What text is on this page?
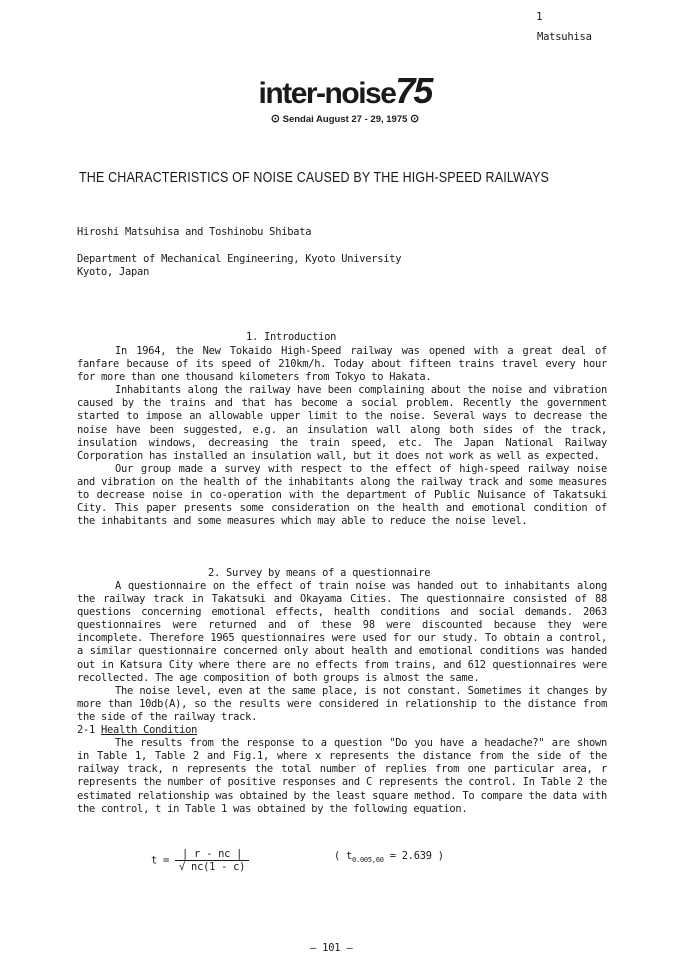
1
Matsuhisa
inter-noise75
⊙ Sendai August 27 - 29, 1975 ⊙
THE CHARACTERISTICS OF NOISE CAUSED BY THE HIGH-SPEED RAILWAYS
Hiroshi Matsuhisa and Toshinobu Shibata
Department of Mechanical Engineering, Kyoto University
Kyoto, Japan
1. Introduction

In 1964, the New Tokaido High-Speed railway was opened with a great deal of fanfare because of its speed of 210km/h. Today about fifteen trains travel every hour for more than one thousand kilometers from Tokyo to Hakata.

Inhabitants along the railway have been complaining about the noise and vibration caused by the trains and that has become a social problem. Recently the government started to impose an allowable upper limit to the noise. Several ways to decrease the noise have been suggested, e.g. an insulation wall along both sides of the track, insulation windows, decreasing the train speed, etc. The Japan National Railway Corporation has installed an insulation wall, but it does not work as well as expected.

Our group made a survey with respect to the effect of high-speed railway noise and vibration on the health of the inhabitants along the railway track and some measures to decrease noise in co-operation with the department of Public Nuisance of Takatsuki City. This paper presents some consideration on the health and emotional condition of the inhabitants and some measures which may able to reduce the noise level.

2. Survey by means of a questionnaire

A questionnaire on the effect of train noise was handed out to inhabitants along the railway track in Takatsuki and Okayama Cities. The questionnaire consisted of 88 questions concerning emotional effects, health conditions and social demands. 2063 questionnaires were returned and of these 98 were discounted because they were incomplete. Therefore 1965 questionnaires were used for our study. To obtain a control, a similar questionnaire concerned only about health and emotional conditions was handed out in Katsura City where there are no effects from trains, and 612 questionnaires were recollected. The age composition of both groups is almost the same.

The noise level, even at the same place, is not constant. Sometimes it changes by more than 10db(A), so the results were considered in relationship to the distance from the side of the railway track.

2-1 Health Condition

The results from the response to a question "Do you have a headache?" are shown in Table 1, Table 2 and Fig.1, where x represents the distance from the side of the railway track, n represents the total number of replies from one particular area, r represents the number of positive responses and C represents the control. In Table 2 the estimated relationship was obtained by the least square method. To compare the data with the control, t in Table 1 was obtained by the following equation.

$t = \frac{| r - nc |}{√ nc(1 - c)}$	( $t_{0.005,60} = 2.639$ )
— 101 —
